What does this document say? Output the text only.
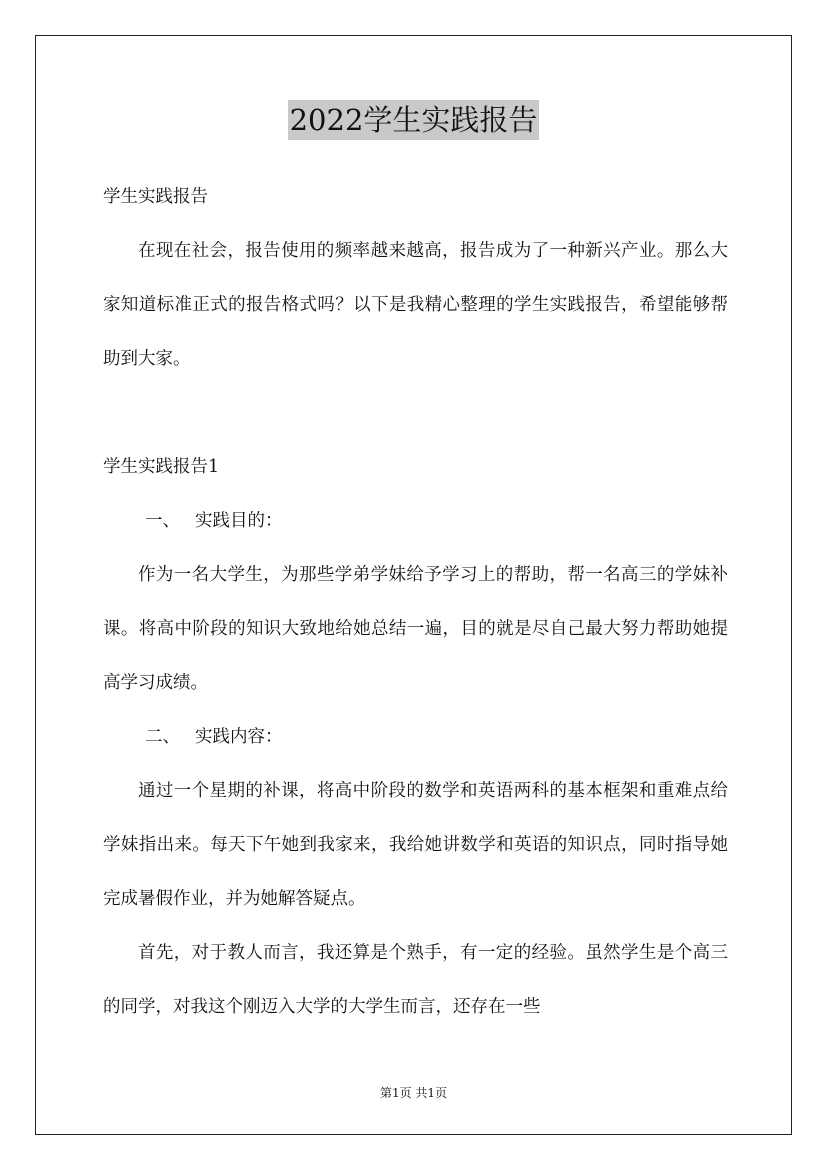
2022学生实践报告

学生实践报告

在现在社会，报告使用的频率越来越高，报告成为了一种新兴产业。那么大家知道标准正式的报告格式吗？以下是我精心整理的学生实践报告，希望能够帮助到大家。

学生实践报告1

一、 实践目的：

作为一名大学生，为那些学弟学妹给予学习上的帮助，帮一名高三的学妹补课。将高中阶段的知识大致地给她总结一遍，目的就是尽自己最大努力帮助她提高学习成绩。

二、 实践内容：

通过一个星期的补课，将高中阶段的数学和英语两科的基本框架和重难点给学妹指出来。每天下午她到我家来，我给她讲数学和英语的知识点，同时指导她完成暑假作业，并为她解答疑点。

首先，对于教人而言，我还算是个熟手，有一定的经验。虽然学生是个高三的同学，对我这个刚迈入大学的大学生而言，还存在一些

第1页 共1页
